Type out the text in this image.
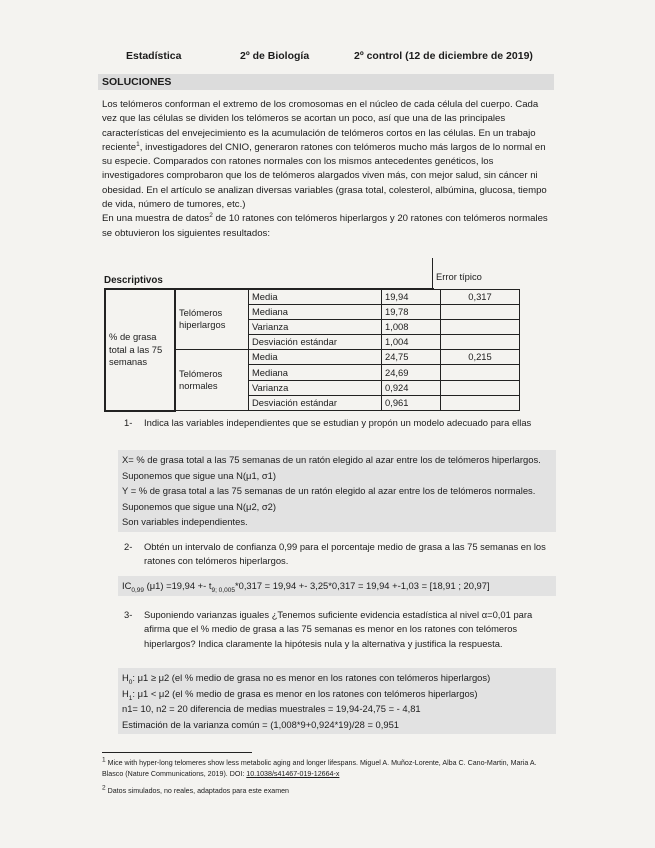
Estadística	2º de Biología	2º control (12 de diciembre de 2019)
SOLUCIONES

Los telómeros conforman el extremo de los cromosomas en el núcleo de cada célula del cuerpo. Cada vez que las células se dividen los telómeros se acortan un poco, así que una de las principales características del envejecimiento es la acumulación de telómeros cortos en las células. En un trabajo reciente$^1$, investigadores del CNIO, generaron ratones con telómeros mucho más largos de lo normal en su especie. Comparados con ratones normales con los mismos antecedentes genéticos, los investigadores comprobaron que los de telómeros alargados viven más, con mejor salud, sin cáncer ni obesidad. En el artículo se analizan diversas variables (grasa total, colesterol, albúmina, glucosa, tiempo de vida, número de tumores, etc.)

En una muestra de datos$^2$ de 10 ratones con telómeros hiperlargos y 20 ratones con telómeros normales se obtuvieron los siguientes resultados:

Descriptivos	Error típico
% de grasa total a las 75 semanas	Telómeros hiperlargos	Media	19,94	0,317
		Mediana	19,78	
		Varianza	1,008	
		Desviación estándar	1,004	
	Telómeros normales	Media	24,75	0,215
		Mediana	24,69	
		Varianza	0,924	
		Desviación estándar	0,961	
1- Indica las variables independientes que se estudian y propón un modelo adecuado para ellas

X= % de grasa total a las 75 semanas de un ratón elegido al azar entre los de telómeros hiperlargos. Suponemos que sigue una N(μ1, σ1)

Y = % de grasa total a las 75 semanas de un ratón elegido al azar entre los de telómeros normales. Suponemos que sigue una N(μ2, σ2)

Son variables independientes.

2- Obtén un intervalo de confianza 0,99 para el porcentaje medio de grasa a las 75 semanas en los ratones con telómeros hiperlargos.

$IC_{0,99}$ $(\mu 1) =19,94 +- t_{9; 0,005}*0,317 = 19,94 +- 3,25*0,317 = 19,94 +-1,03 = [18,91$ ; 20,97]

3- Suponiendo varianzas iguales ¿Tenemos suficiente evidencia estadística al nivel α=0,01 para afirma que el % medio de grasa a las 75 semanas es menor en los ratones con telómeros hiperlargos? Indica claramente la hipótesis nula y la alternativa y justifica la respuesta.

$H_0$: μ1 ≥ μ2 (el % medio de grasa no es menor en los ratones con telómeros hiperlargos)

$H_1$: μ1 < μ2 (el % medio de grasa es menor en los ratones con telómeros hiperlargos)

n1= 10, n2 = 20 diferencia de medias muestrales = 19,94-24,75 = - 4,81

Estimación de la varianza común = (1,008*9+0,924*19)/28 = 0,951

$^1$ Mice with hyper-long telomeres show less metabolic aging and longer lifespans. Miguel A. Muñoz-Lorente, Alba C. Cano-Martin, Maria A. Blasco (Nature Communications, 2019). DOI: 10.1038/s41467-019-12664-x
$^2$ Datos simulados, no reales, adaptados para este examen
